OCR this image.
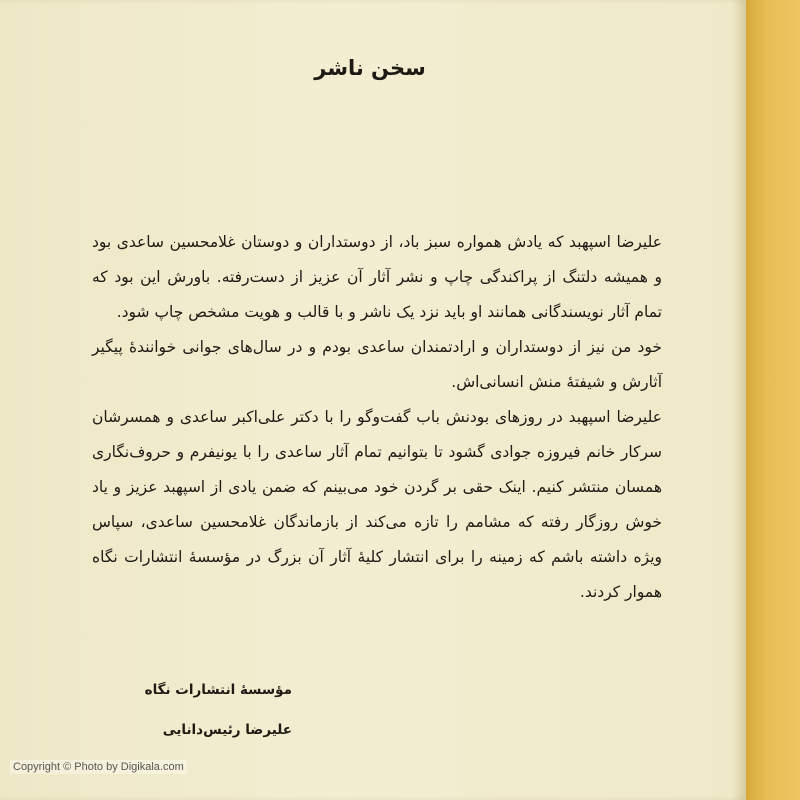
سخن ناشر

علیرضا اسپهبد که یادش همواره سبز باد، از دوستداران و دوستان غلامحسین ساعدی بود و همیشه دلتنگ از پراکندگی چاپ و نشر آثار آن عزیز از دست‌رفته. باورش این بود که تمام آثار نویسندگانی همانند او باید نزد یک ناشر و با قالب و هویت مشخص چاپ شود.

خود من نیز از دوستداران و ارادتمندان ساعدی بودم و در سال‌های جوانی خوانندهٔ پیگیر آثارش و شیفتهٔ منش انسانی‌اش.

علیرضا اسپهبد در روزهای بودنش باب گفت‌وگو را با دکتر علی‌اکبر ساعدی و همسرشان سرکار خانم فیروزه جوادی گشود تا بتوانیم تمام آثار ساعدی را با یونیفرم و حروف‌نگاری همسان منتشر کنیم. اینک حقی بر گردن خود می‌بینم که ضمن یادی از اسپهبد عزیز و یاد خوش روزگار رفته که مشامم را تازه می‌کند از بازماندگان غلامحسین ساعدی، سپاس ویژه داشته باشم که زمینه را برای انتشار کلیهٔ آثار آن بزرگ در مؤسسهٔ انتشارات نگاه هموار کردند.

مؤسسهٔ انتشارات نگاه
علیرضا رئیس‌دانایی
Copyright © Photo by Digikala.com
